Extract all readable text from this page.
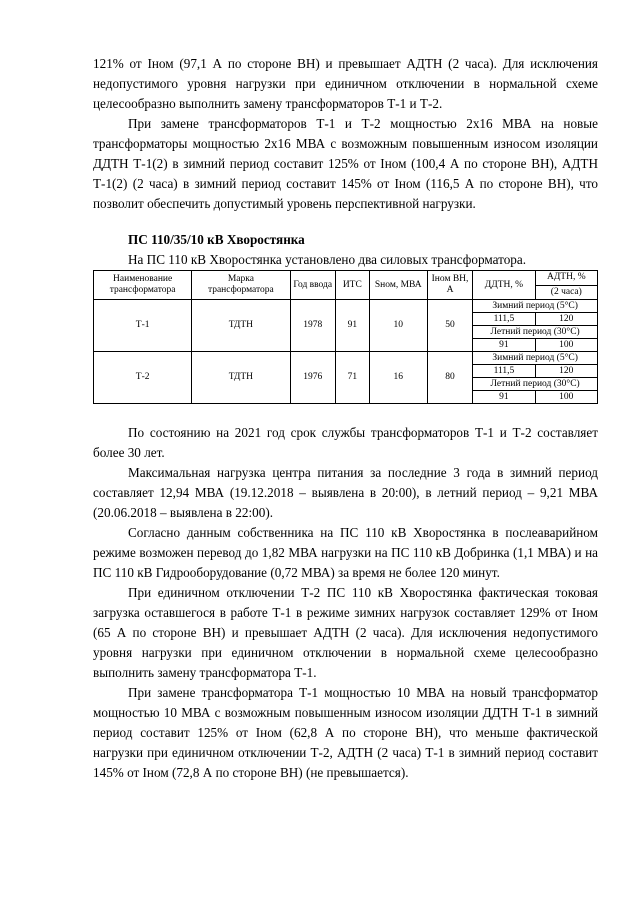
121% от Iном (97,1 А по стороне ВН) и превышает АДТН (2 часа). Для исключения недопустимого уровня нагрузки при единичном отключении в нормальной схеме целесообразно выполнить замену трансформаторов Т-1 и Т-2.

При замене трансформаторов Т-1 и Т-2 мощностью 2х16 МВА на новые трансформаторы мощностью 2х16 МВА с возможным повышенным износом изоляции ДДТН Т-1(2) в зимний период составит 125% от Iном (100,4 А по стороне ВН), АДТН Т-1(2) (2 часа) в зимний период составит 145% от Iном (116,5 А по стороне ВН), что позволит обеспечить допустимый уровень перспективной нагрузки.

ПС 110/35/10 кВ Хворостянка

На ПС 110 кВ Хворостянка установлено два силовых трансформатора.

Наименование трансформатора	Марка трансформатора	Год ввода	ИТС	Sном, МВА	Iном ВН, А	ДДТН, %	АДТН, %
							(2 часа)
Т-1	ТДТН	1978	91	10	50	Зимний период (5°C)	
						111,5	120
						Летний период (30°C)	
						91	100
Т-2	ТДТН	1976	71	16	80	Зимний период (5°C)	
						111,5	120
						Летний период (30°C)	
						91	100

По состоянию на 2021 год срок службы трансформаторов Т-1 и Т-2 составляет более 30 лет.

Максимальная нагрузка центра питания за последние 3 года в зимний период составляет 12,94 МВА (19.12.2018 – выявлена в 20:00), в летний период – 9,21 МВА (20.06.2018 – выявлена в 22:00).

Согласно данным собственника на ПС 110 кВ Хворостянка в послеаварийном режиме возможен перевод до 1,82 МВА нагрузки на ПС 110 кВ Добринка (1,1 МВА) и на ПС 110 кВ Гидрооборудование (0,72 МВА) за время не более 120 минут.

При единичном отключении Т-2 ПС 110 кВ Хворостянка фактическая токовая загрузка оставшегося в работе Т-1 в режиме зимних нагрузок составляет 129% от Iном (65 А по стороне ВН) и превышает АДТН (2 часа). Для исключения недопустимого уровня нагрузки при единичном отключении в нормальной схеме целесообразно выполнить замену трансформатора Т-1.

При замене трансформатора Т-1 мощностью 10 МВА на новый трансформатор мощностью 10 МВА с возможным повышенным износом изоляции ДДТН Т-1 в зимний период составит 125% от Iном (62,8 А по стороне ВН), что меньше фактической нагрузки при единичном отключении Т-2, АДТН (2 часа) Т-1 в зимний период составит 145% от Iном (72,8 А по стороне ВН) (не превышается).
